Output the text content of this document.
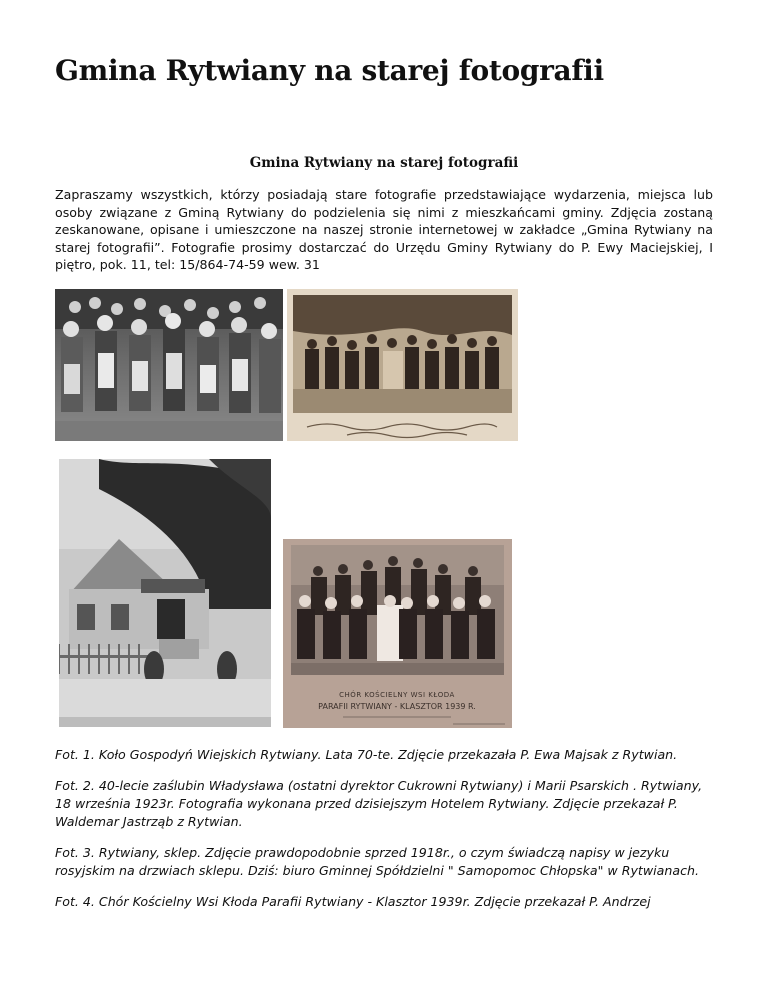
Gmina Rytwiany na starej fotografii
Gmina Rytwiany na starej fotografii

Zapraszamy wszystkich, którzy posiadają stare fotografie przedstawiające wydarzenia, miejsca lub osoby związane z Gminą Rytwiany do podzielenia się nimi z mieszkańcami gminy. Zdjęcia zostaną zeskanowane, opisane i umieszczone na naszej stronie internetowej w zakładce „Gmina Rytwiany na starej fotografii”. Fotografie prosimy dostarczać do Urzędu Gminy Rytwiany do P. Ewy Maciejskiej, I piętro, pok. 11, tel: 15/864-74-59 wew. 31

CHÓR KOŚCIELNY WSI KŁODA
PARAFII RYTWIANY - KLASZTOR 1939 R.

Fot. 1. Koło Gospodyń Wiejskich Rytwiany. Lata 70-te. Zdjęcie przekazała P. Ewa Majsak z Rytwian.

Fot. 2. 40-lecie zaślubin Władysława (ostatni dyrektor Cukrowni Rytwiany) i Marii Psarskich . Rytwiany, 18 września 1923r. Fotografia wykonana przed dzisiejszym Hotelem Rytwiany. Zdjęcie przekazał P. Waldemar Jastrząb z Rytwian.

Fot. 3. Rytwiany, sklep. Zdjęcie prawdopodobnie sprzed 1918r., o czym świadczą napisy w jezyku rosyjskim na drzwiach sklepu. Dziś: biuro Gminnej Spółdzielni " Samopomoc Chłopska" w Rytwianach.

Fot. 4. Chór Kościelny Wsi Kłoda Parafii Rytwiany - Klasztor 1939r. Zdjęcie przekazał P. Andrzej
